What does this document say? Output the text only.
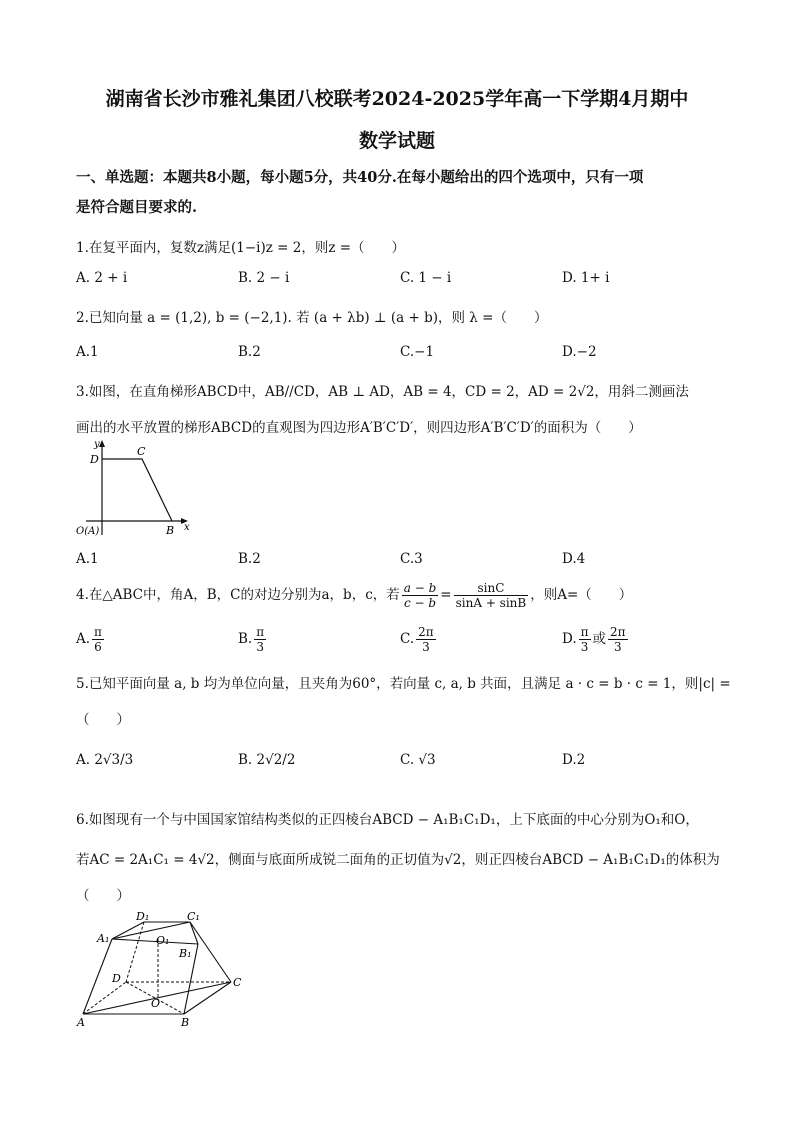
湖南省长沙市雅礼集团八校联考2024-2025学年高一下学期4月期中
数学试题
一、单选题：本题共8小题，每小题5分，共40分.在每小题给出的四个选项中，只有一项
是符合题目要求的.
1.在复平面内，复数z满足(1−i)z = 2，则z =（　　）
A. 2 + i	B. 2 − i	C. 1 − i	D. 1+ i
2.已知向量 a = (1,2), b = (−2,1). 若 (a + λb) ⊥ (a + b)，则 λ =（　　）
A.1	B.2	C.−1	D.−2
3.如图，在直角梯形ABCD中，AB//CD，AB ⊥ AD，AB = 4，CD = 2，AD = 2√2，用斜二测画法
画出的水平放置的梯形ABCD的直观图为四边形A′B′C′D′，则四边形A′B′C′D′的面积为（　　）
y
x
D
C
O(A)	B
A.1	B.2	C.3	D.4
4.在△ABC中，角A，B，C的对边分别为a，b，c，若 $\frac{a - b}{c - b} = \frac{\sin C}{\sin A + \sin B}$ ，则A=（　　）
A. $\frac{\pi}{6}$	B. $\frac{\pi}{3}$	C. $\frac{2\pi}{3}$	D. $\frac{\pi}{3}$ 或 $\frac{2\pi}{3}$
5.已知平面向量 a, b 均为单位向量，且夹角为60°，若向量 c, a, b 共面，且满足 a · c = b · c = 1，则|c| =
（　　）
A. 2√3/3	B. 2√2/2	C. √3	D.2
6.如图现有一个与中国国家馆结构类似的正四棱台ABCD − A₁B₁C₁D₁，上下底面的中心分别为O₁和O，
若AC = 2A₁C₁ = 4√2，侧面与底面所成锐二面角的正切值为√2，则正四棱台ABCD − A₁B₁C₁D₁的体积为
（　　）
D₁	C₁
A₁	O₁
B₁
D	C
O
A	B
